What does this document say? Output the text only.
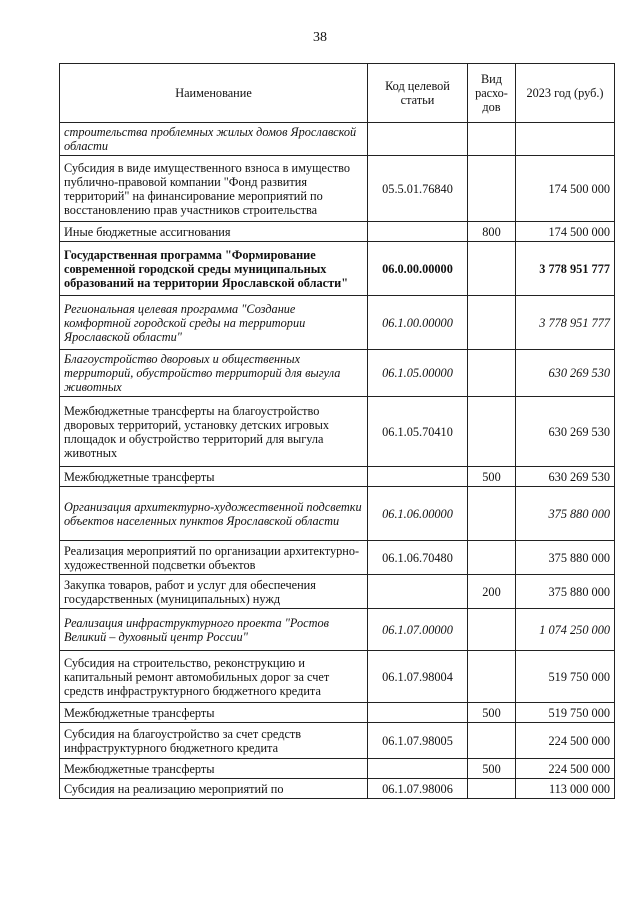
38
Наименование	Код целевой статьи	Вид расхо-дов	2023 год (руб.)
строительства проблемных жилых домов Ярославской области			
Субсидия в виде имущественного взноса в имущество публично-правовой компании "Фонд развития территорий" на финансирование мероприятий по восстановлению прав участников строительства	05.5.01.76840		174 500 000
Иные бюджетные ассигнования		800	174 500 000
Государственная программа "Формирование современной городской среды муниципальных образований на территории Ярославской области"	06.0.00.00000		3 778 951 777
Региональная целевая программа "Создание комфортной городской среды на территории Ярославской области"	06.1.00.00000		3 778 951 777
Благоустройство дворовых и общественных территорий, обустройство территорий для выгула животных	06.1.05.00000		630 269 530
Межбюджетные трансферты на благоустройство дворовых территорий, установку детских игровых площадок и обустройство территорий для выгула животных	06.1.05.70410		630 269 530
Межбюджетные трансферты		500	630 269 530
Организация архитектурно-художественной подсветки объектов населенных пунктов Ярославской области	06.1.06.00000		375 880 000
Реализация мероприятий по организации архитектурно-художественной подсветки объектов	06.1.06.70480		375 880 000
Закупка товаров, работ и услуг для обеспечения государственных (муниципальных) нужд		200	375 880 000
Реализация инфраструктурного проекта "Ростов Великий – духовный центр России"	06.1.07.00000		1 074 250 000
Субсидия на строительство, реконструкцию и капитальный ремонт автомобильных дорог за счет средств инфраструктурного бюджетного кредита	06.1.07.98004		519 750 000
Межбюджетные трансферты		500	519 750 000
Субсидия на благоустройство за счет средств инфраструктурного бюджетного кредита	06.1.07.98005		224 500 000
Межбюджетные трансферты		500	224 500 000
Субсидия на реализацию мероприятий по	06.1.07.98006		113 000 000
